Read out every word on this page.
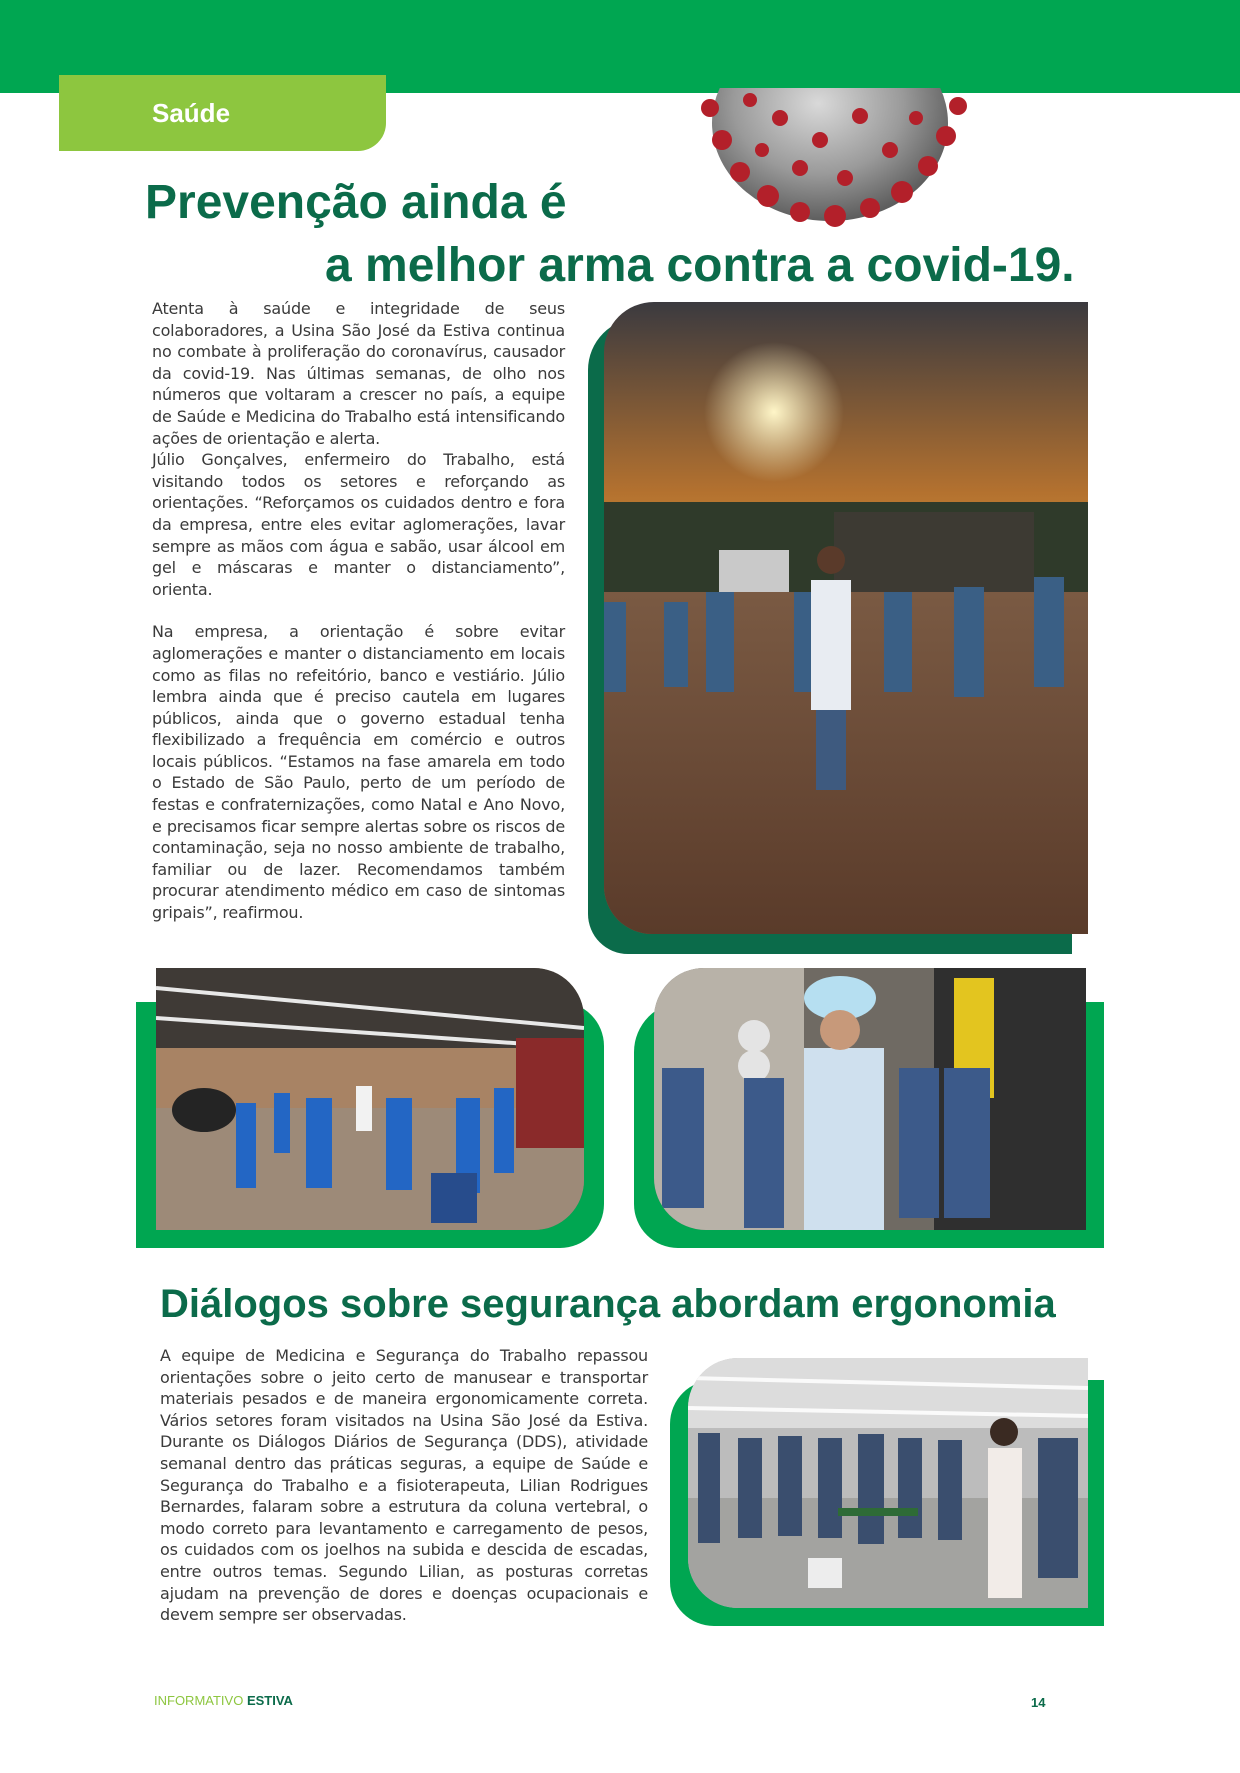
Saúde
Prevenção ainda é
a melhor arma contra a covid-19.

Atenta à saúde e integridade de seus colaboradores, a Usina São José da Estiva continua no combate à proliferação do coronavírus, causador da covid-19. Nas últimas semanas, de olho nos números que voltaram a crescer no país, a equipe de Saúde e Medicina do Trabalho está intensificando ações de orientação e alerta.

Júlio Gonçalves, enfermeiro do Trabalho, está visitando todos os setores e reforçando as orientações. “Reforçamos os cuidados dentro e fora da empresa, entre eles evitar aglomerações, lavar sempre as mãos com água e sabão, usar álcool em gel e máscaras e manter o distanciamento”, orienta.

Na empresa, a orientação é sobre evitar aglomerações e manter o distanciamento em locais como as filas no refeitório, banco e vestiário. Júlio lembra ainda que é preciso cautela em lugares públicos, ainda que o governo estadual tenha flexibilizado a frequência em comércio e outros locais públicos. “Estamos na fase amarela em todo o Estado de São Paulo, perto de um período de festas e confraternizações, como Natal e Ano Novo, e precisamos ficar sempre alertas sobre os riscos de contaminação, seja no nosso ambiente de trabalho, familiar ou de lazer. Recomendamos também procurar atendimento médico em caso de sintomas gripais”, reafirmou.

Diálogos sobre segurança abordam ergonomia

A equipe de Medicina e Segurança do Trabalho repassou orientações sobre o jeito certo de manusear e transportar materiais pesados e de maneira ergonomicamente correta. Vários setores foram visitados na Usina São José da Estiva. Durante os Diálogos Diários de Segurança (DDS), atividade semanal dentro das práticas seguras, a equipe de Saúde e Segurança do Trabalho e a fisioterapeuta, Lilian Rodrigues Bernardes, falaram sobre a estrutura da coluna vertebral, o modo correto para levantamento e carregamento de pesos, os cuidados com os joelhos na subida e descida de escadas, entre outros temas. Segundo Lilian, as posturas corretas ajudam na prevenção de dores e doenças ocupacionais e devem sempre ser observadas.

INFORMATIVO ESTIVA	14
